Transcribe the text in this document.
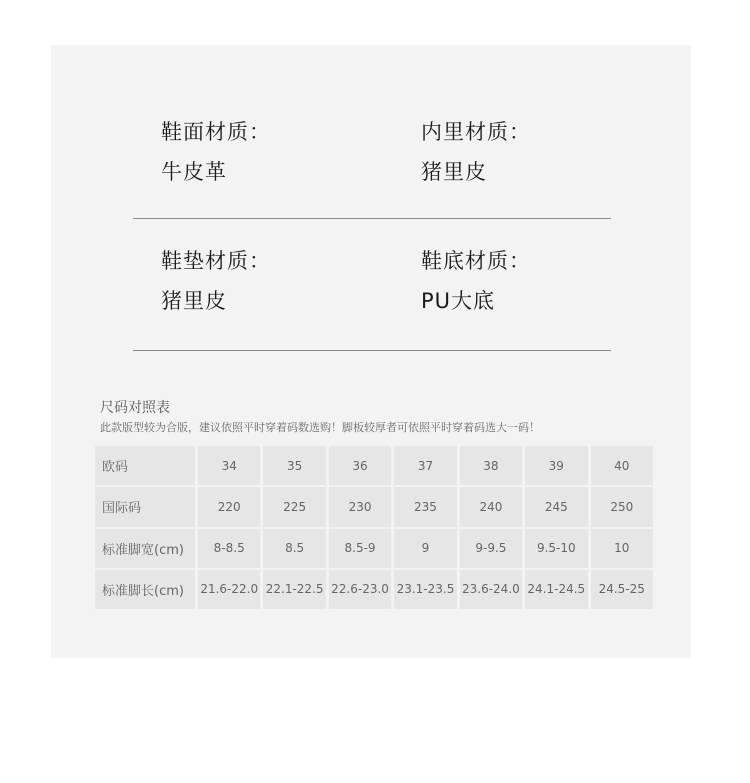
鞋面材质：
牛皮革
内里材质：
猪里皮
鞋垫材质：
猪里皮
鞋底材质：
PU大底
尺码对照表
此款版型较为合版，建议依照平时穿着码数选购！脚板较厚者可依照平时穿着码选大一码！
欧码	34	35	36	37	38	39	40
国际码	220	225	230	235	240	245	250
标准脚宽(cm)	8-8.5	8.5	8.5-9	9	9-9.5	9.5-10	10
标准脚长(cm)	21.6-22.0	22.1-22.5	22.6-23.0	23.1-23.5	23.6-24.0	24.1-24.5	24.5-25
